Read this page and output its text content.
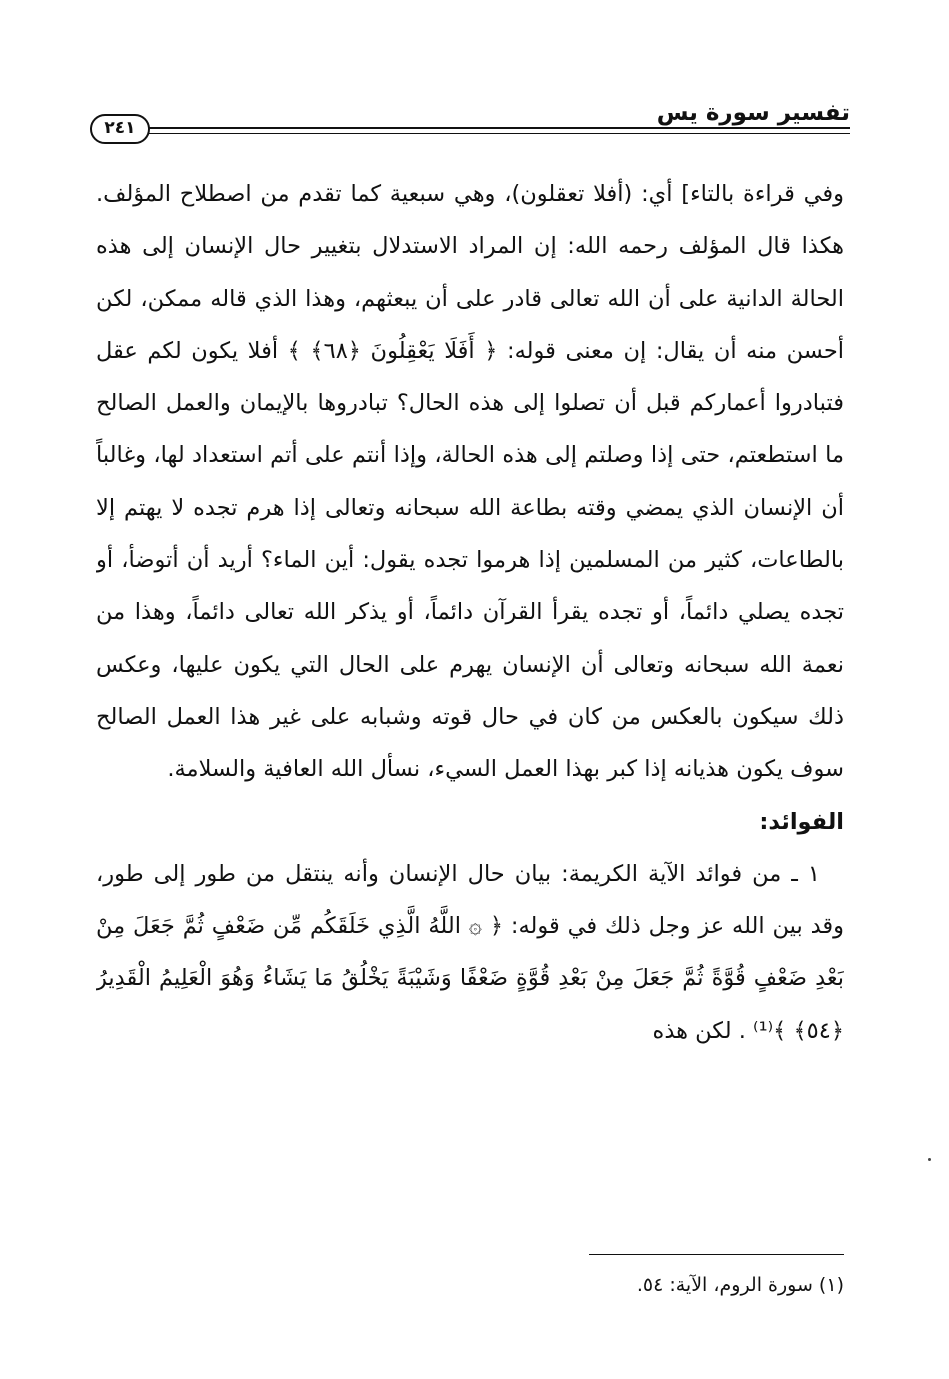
تفسير سورة يس
٢٤١

وفي قراءة بالتاء] أي: (أفلا تعقلون)، وهي سبعية كما تقدم من اصطلاح المؤلف. هكذا قال المؤلف رحمه الله: إن المراد الاستدلال بتغيير حال الإنسان إلى هذه الحالة الدانية على أن الله تعالى قادر على أن يبعثهم، وهذا الذي قاله ممكن، لكن أحسن منه أن يقال: إن معنى قوله: ﴿ أَفَلَا يَعْقِلُونَ ﴿٦٨﴾ ﴾ أفلا يكون لكم عقل فتبادروا أعماركم قبل أن تصلوا إلى هذه الحال؟ تبادروها بالإيمان والعمل الصالح ما استطعتم، حتى إذا وصلتم إلى هذه الحالة، وإذا أنتم على أتم استعداد لها، وغالباً أن الإنسان الذي يمضي وقته بطاعة الله سبحانه وتعالى إذا هرم تجده لا يهتم إلا بالطاعات، كثير من المسلمين إذا هرموا تجده يقول: أين الماء؟ أريد أن أتوضأ، أو تجده يصلي دائماً، أو تجده يقرأ القرآن دائماً، أو يذكر الله تعالى دائماً، وهذا من نعمة الله سبحانه وتعالى أن الإنسان يهرم على الحال التي يكون عليها، وعكس ذلك سيكون بالعكس من كان في حال قوته وشبابه على غير هذا العمل الصالح سوف يكون هذيانه إذا كبر بهذا العمل السيء، نسأل الله العافية والسلامة.

الفوائد:

١ ـ من فوائد الآية الكريمة: بيان حال الإنسان وأنه ينتقل من طور إلى طور، وقد بين الله عز وجل ذلك في قوله: ﴿ ۞ اللَّهُ الَّذِي خَلَقَكُم مِّن ضَعْفٍ ثُمَّ جَعَلَ مِنْ بَعْدِ ضَعْفٍ قُوَّةً ثُمَّ جَعَلَ مِنْ بَعْدِ قُوَّةٍ ضَعْفًا وَشَيْبَةً يَخْلُقُ مَا يَشَاءُ وَهُوَ الْعَلِيمُ الْقَدِيرُ ﴿٥٤﴾ ﴾⁽¹⁾ . لكن هذه

(١) سورة الروم، الآية: ٥٤.
